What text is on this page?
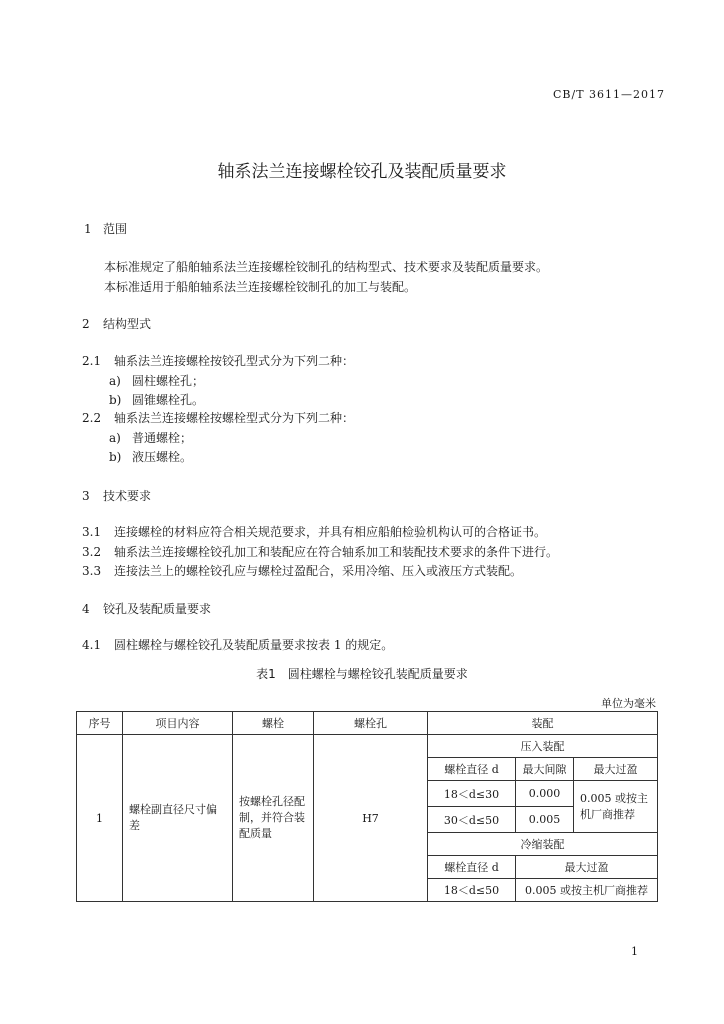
CB/T 3611—2017
轴系法兰连接螺栓铰孔及装配质量要求
1 范围
本标准规定了船舶轴系法兰连接螺栓铰制孔的结构型式、技术要求及装配质量要求。
本标准适用于船舶轴系法兰连接螺栓铰制孔的加工与装配。
2 结构型式
2.1 轴系法兰连接螺栓按铰孔型式分为下列二种：
a) 圆柱螺栓孔；
b) 圆锥螺栓孔。
2.2 轴系法兰连接螺栓按螺栓型式分为下列二种：
a) 普通螺栓；
b) 液压螺栓。
3 技术要求
3.1 连接螺栓的材料应符合相关规范要求，并具有相应船舶检验机构认可的合格证书。
3.2 轴系法兰连接螺栓铰孔加工和装配应在符合轴系加工和装配技术要求的条件下进行。
3.3 连接法兰上的螺栓铰孔应与螺栓过盈配合，采用冷缩、压入或液压方式装配。
4 铰孔及装配质量要求
4.1 圆柱螺栓与螺栓铰孔及装配质量要求按表 1 的规定。
表1　圆柱螺栓与螺栓铰孔装配质量要求
单位为毫米
序号	项目内容	螺栓	螺栓孔	装配		
1	螺栓副直径尺寸偏差	按螺栓孔径配制，并符合装配质量	H7	压入装配		
				螺栓直径 d	最大间隙	最大过盈
				18＜d≤30	0.000	0.005 或按主机厂商推荐
				30＜d≤50	0.005	
				冷缩装配		
				螺栓直径 d	最大过盈	
				18＜d≤50	0.005 或按主机厂商推荐	
1
